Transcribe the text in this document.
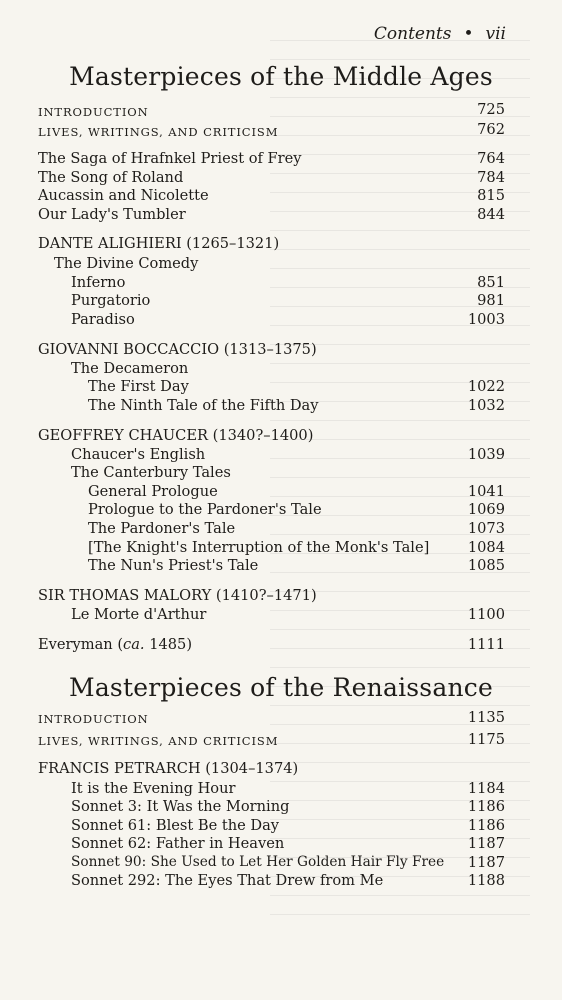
Contents • vii
Masterpieces of the Middle Ages
INTRODUCTION	725
LIVES, WRITINGS, AND CRITICISM	762
The Saga of Hrafnkel Priest of Frey	764
The Song of Roland	784
Aucassin and Nicolette	815
Our Lady's Tumbler	844
DANTE ALIGHIERI (1265–1321)
The Divine Comedy
Inferno	851
Purgatorio	981
Paradiso	1003
GIOVANNI BOCCACCIO (1313–1375)
The Decameron
The First Day	1022
The Ninth Tale of the Fifth Day	1032
GEOFFREY CHAUCER (1340?–1400)
Chaucer's English	1039
The Canterbury Tales
General Prologue	1041
Prologue to the Pardoner's Tale	1069
The Pardoner's Tale	1073
[The Knight's Interruption of the Monk's Tale]	1084
The Nun's Priest's Tale	1085
SIR THOMAS MALORY (1410?–1471)
Le Morte d'Arthur	1100
Everyman (ca. 1485)	1111
Masterpieces of the Renaissance
INTRODUCTION	1135
LIVES, WRITINGS, AND CRITICISM	1175
FRANCIS PETRARCH (1304–1374)
It is the Evening Hour	1184
Sonnet 3: It Was the Morning	1186
Sonnet 61: Blest Be the Day	1186
Sonnet 62: Father in Heaven	1187
Sonnet 90: She Used to Let Her Golden Hair Fly Free 1187
Sonnet 292: The Eyes That Drew from Me	1188
